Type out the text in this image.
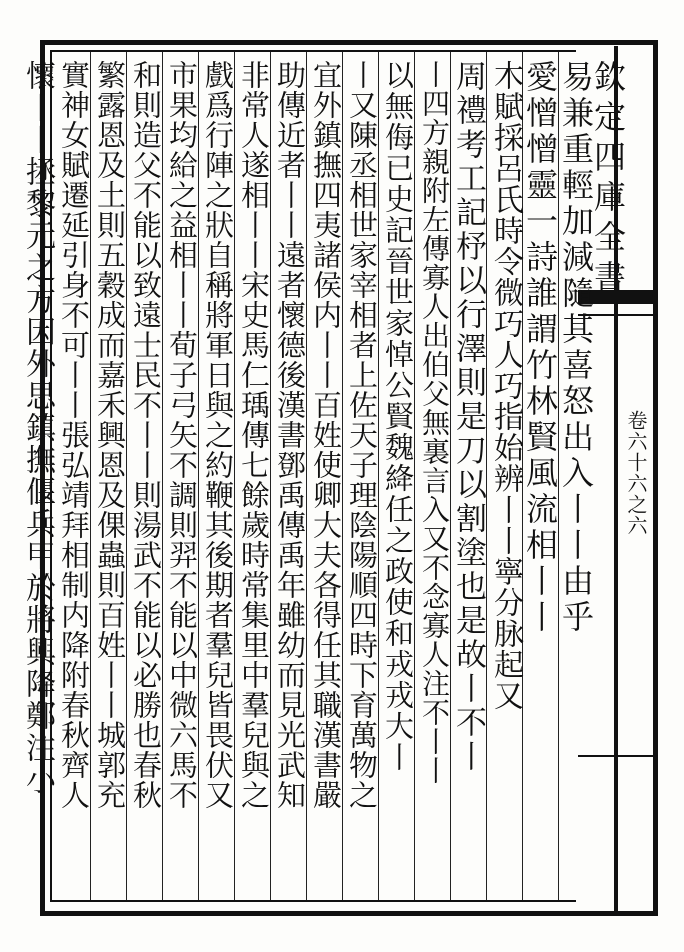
欽定四庫全書
卷六十六之六
易兼重輕加減隨其喜怒出入丨丨由乎
愛憎憎靈一詩誰謂竹林賢風流相丨丨
木賦採呂氏時令微巧人巧指始辨丨丨寧分脉起又
周禮考工記杼以行澤則是刀以割塗也是故丨不丨
丨四方親附左傳寡人出伯父無裏言入又不念寡人注不丨丨
以無侮已史記晉世家悼公賢魏絳任之政使和戎戎大丨
丨又陳丞相世家宰相者上佐天子理陰陽順四時下育萬物之
宜外鎮撫四夷諸侯内丨丨百姓使卿大夫各得任其職漢書嚴
助傳近者丨丨遠者懷德後漢書鄧禹傳禹年雖幼而見光武知
非常人遂相丨丨宋史馬仁瑀傳七餘歲時常集里中羣兒與之
戲爲行陣之狀自稱將軍日與之約鞭其後期者羣兒皆畏伏又
市果均給之益相丨丨荀子弓矢不調則羿不能以中微六馬不
和則造父不能以致遠士民不丨丨則湯武不能以必勝也春秋
繁露恩及土則五穀成而嘉禾興恩及倮蟲則百姓丨丨城郭充
實神女賦遷延引身不可丨丨張弘靖拜相制内降附春秋齊人
懷丨丨拯黎元之方因外思鎮撫偃兵甲於將興降鄭注小
